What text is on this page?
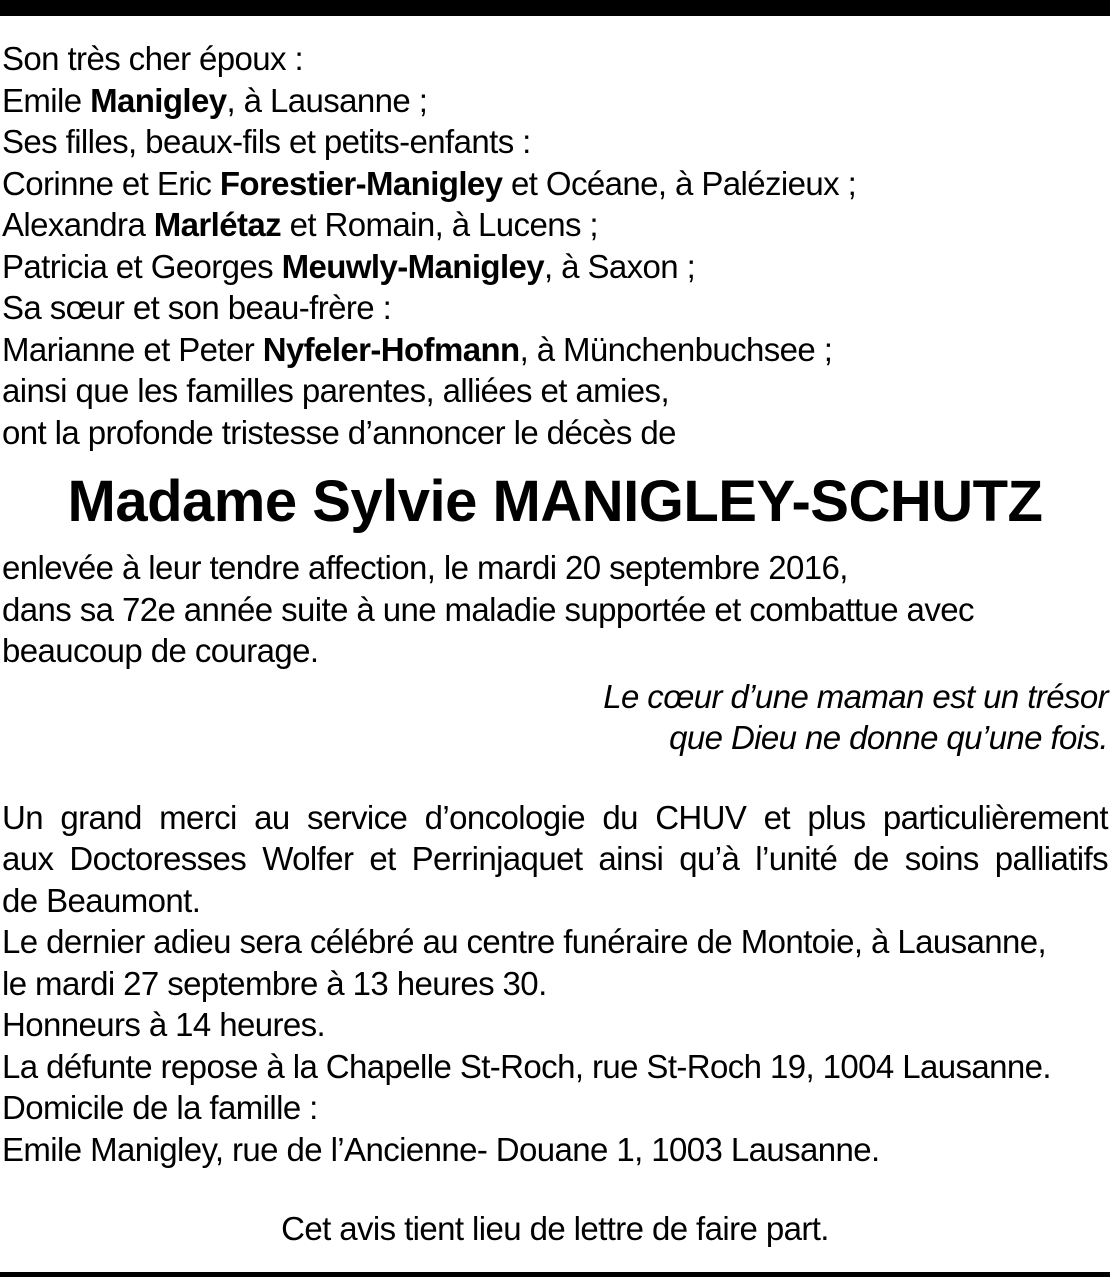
Son très cher époux :
Emile Manigley, à Lausanne ;
Ses filles, beaux-fils et petits-enfants :
Corinne et Eric Forestier-Manigley et Océane, à Palézieux ;
Alexandra Marlétaz et Romain, à Lucens ;
Patricia et Georges Meuwly-Manigley, à Saxon ;
Sa sœur et son beau-frère :
Marianne et Peter Nyfeler-Hofmann, à Münchenbuchsee ;
ainsi que les familles parentes, alliées et amies,
ont la profonde tristesse d’annoncer le décès de
Madame Sylvie MANIGLEY-SCHUTZ
enlevée à leur tendre affection, le mardi 20 septembre 2016,
dans sa 72e année suite à une maladie supportée et combattue avec
beaucoup de courage.
Le cœur d’une maman est un trésor
que Dieu ne donne qu’une fois.
Un grand merci au service d’oncologie du CHUV et plus particulièrement
aux Doctoresses Wolfer et Perrinjaquet ainsi qu’à l’unité de soins palliatifs
de Beaumont.
Le dernier adieu sera célébré au centre funéraire de Montoie, à Lausanne,
le mardi 27 septembre à 13 heures 30.
Honneurs à 14 heures.
La défunte repose à la Chapelle St-Roch, rue St-Roch 19, 1004 Lausanne.
Domicile de la famille :
Emile Manigley, rue de l’Ancienne- Douane 1, 1003 Lausanne.
Cet avis tient lieu de lettre de faire part.
